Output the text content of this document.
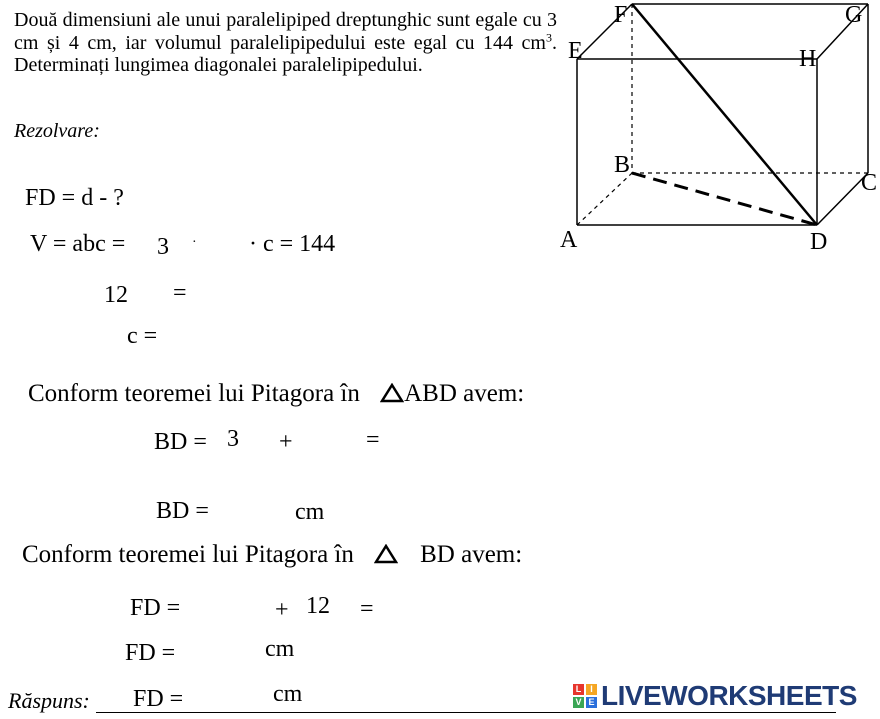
Două dimensiuni ale unui paralelipiped dreptunghic sunt egale cu 3 cm și 4 cm, iar volumul paralelipipedului este egal cu 144 $cm^3$. Determinați lungimea diagonalei paralelipipedului.
Rezolvare:
F	G
E	H
B
C
A	D
FD = d - ?
V = abc = 3 · · c = 144
12 =
c =
Conform teoremei lui Pitagora în ABD avem:
BD = 3 +	=
BD =	cm
Conform teoremei lui Pitagora în	BD avem:
FD =	+ 12 =
FD =	cm
Răspuns: FD =	cm	L I
V E LIVEWORKSHEETS
